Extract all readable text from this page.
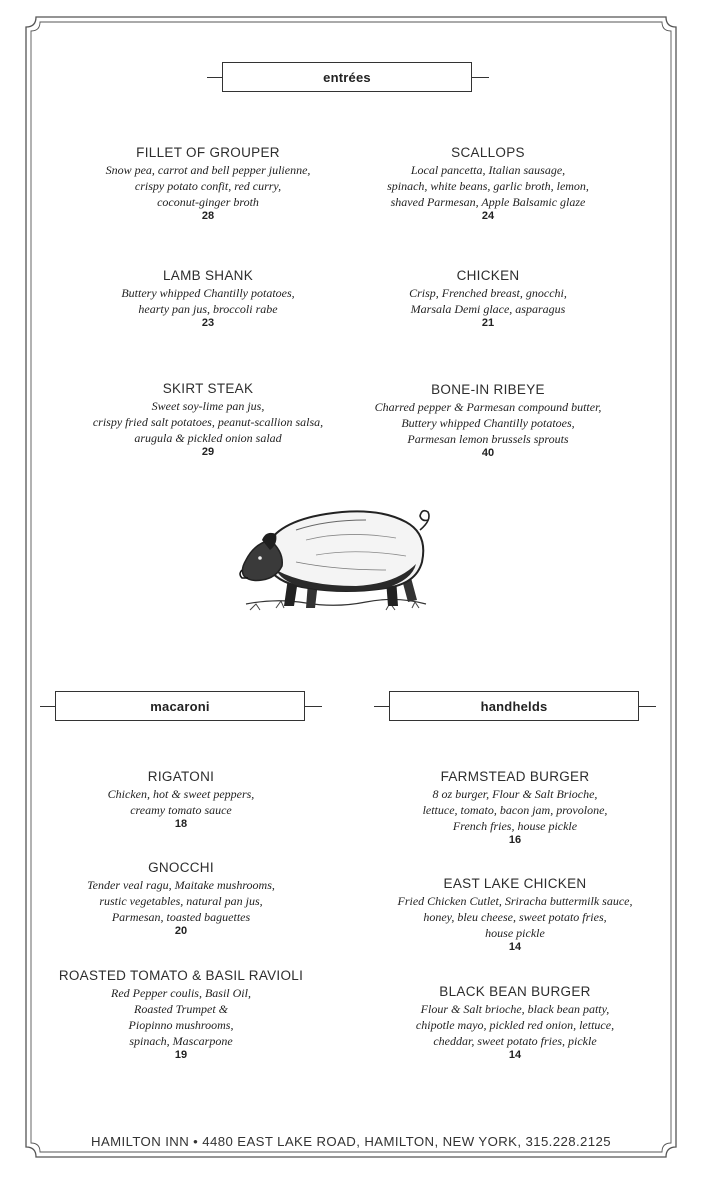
entrées
FILLET OF GROUPER
Snow pea, carrot and bell pepper julienne,
crispy potato confit, red curry,
coconut-ginger broth
28
SCALLOPS
Local pancetta, Italian sausage,
spinach, white beans, garlic broth, lemon,
shaved Parmesan, Apple Balsamic glaze
24
LAMB SHANK
Buttery whipped Chantilly potatoes,
hearty pan jus, broccoli rabe
23
CHICKEN
Crisp, Frenched breast, gnocchi,
Marsala Demi glace, asparagus
21
SKIRT STEAK
Sweet soy-lime pan jus,
crispy fried salt potatoes, peanut-scallion salsa,
arugula & pickled onion salad
29
BONE-IN RIBEYE
Charred pepper & Parmesan compound butter,
Buttery whipped Chantilly potatoes,
Parmesan lemon brussels sprouts
40
macaroni	handhelds
RIGATONI
Chicken, hot & sweet peppers,
creamy tomato sauce
18
GNOCCHI
Tender veal ragu, Maitake mushrooms,
rustic vegetables, natural pan jus,
Parmesan, toasted baguettes
20
ROASTED TOMATO & BASIL RAVIOLI
Red Pepper coulis, Basil Oil,
Roasted Trumpet &
Piopinno mushrooms,
spinach, Mascarpone
19
FARMSTEAD BURGER
8 oz burger, Flour & Salt Brioche,
lettuce, tomato, bacon jam, provolone,
French fries, house pickle
16
EAST LAKE CHICKEN
Fried Chicken Cutlet, Sriracha buttermilk sauce,
honey, bleu cheese, sweet potato fries,
house pickle
14
BLACK BEAN BURGER
Flour & Salt brioche, black bean patty,
chipotle mayo, pickled red onion, lettuce,
cheddar, sweet potato fries, pickle
14
HAMILTON INN • 4480 EAST LAKE ROAD, HAMILTON, NEW YORK, 315.228.2125
